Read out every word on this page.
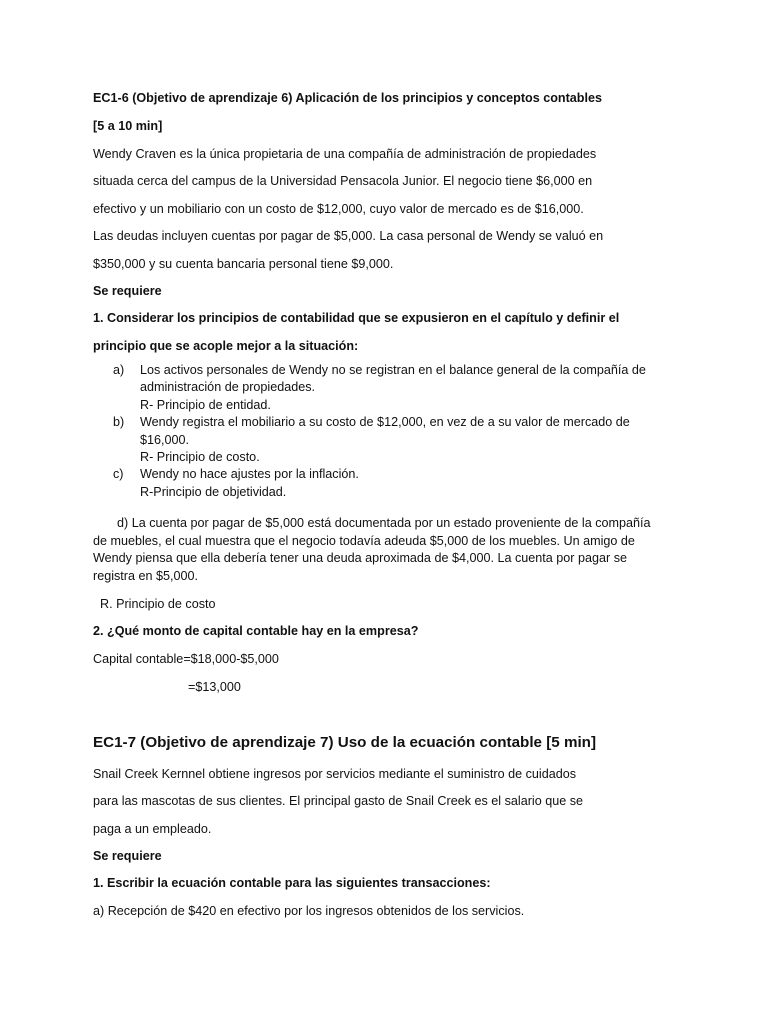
EC1-6 (Objetivo de aprendizaje 6) Aplicación de los principios y conceptos contables
[5 a 10 min]
Wendy Craven es la única propietaria de una compañía de administración de propiedades
situada cerca del campus de la Universidad Pensacola Junior. El negocio tiene $6,000 en
efectivo y un mobiliario con un costo de $12,000, cuyo valor de mercado es de $16,000.
Las deudas incluyen cuentas por pagar de $5,000. La casa personal de Wendy se valuó en
$350,000 y su cuenta bancaria personal tiene $9,000.
Se requiere
1. Considerar los principios de contabilidad que se expusieron en el capítulo y definir el
principio que se acople mejor a la situación:
a)	Los activos personales de Wendy no se registran en el balance general de la compañía de
administración de propiedades.
R- Principio de entidad.
b)	Wendy registra el mobiliario a su costo de $12,000, en vez de a su valor de mercado de
$16,000.
R- Principio de costo.
c)	Wendy no hace ajustes por la inflación.
R-Principio de objetividad.
d) La cuenta por pagar de $5,000 está documentada por un estado proveniente de la compañía
de muebles, el cual muestra que el negocio todavía adeuda $5,000 de los muebles. Un amigo de
Wendy piensa que ella debería tener una deuda aproximada de $4,000. La cuenta por pagar se
registra en $5,000.
R. Principio de costo
2. ¿Qué monto de capital contable hay en la empresa?
Capital contable=$18,000-$5,000
=$13,000
EC1-7 (Objetivo de aprendizaje 7) Uso de la ecuación contable [5 min]
Snail Creek Kernnel obtiene ingresos por servicios mediante el suministro de cuidados
para las mascotas de sus clientes. El principal gasto de Snail Creek es el salario que se
paga a un empleado.
Se requiere
1. Escribir la ecuación contable para las siguientes transacciones:
a) Recepción de $420 en efectivo por los ingresos obtenidos de los servicios.
